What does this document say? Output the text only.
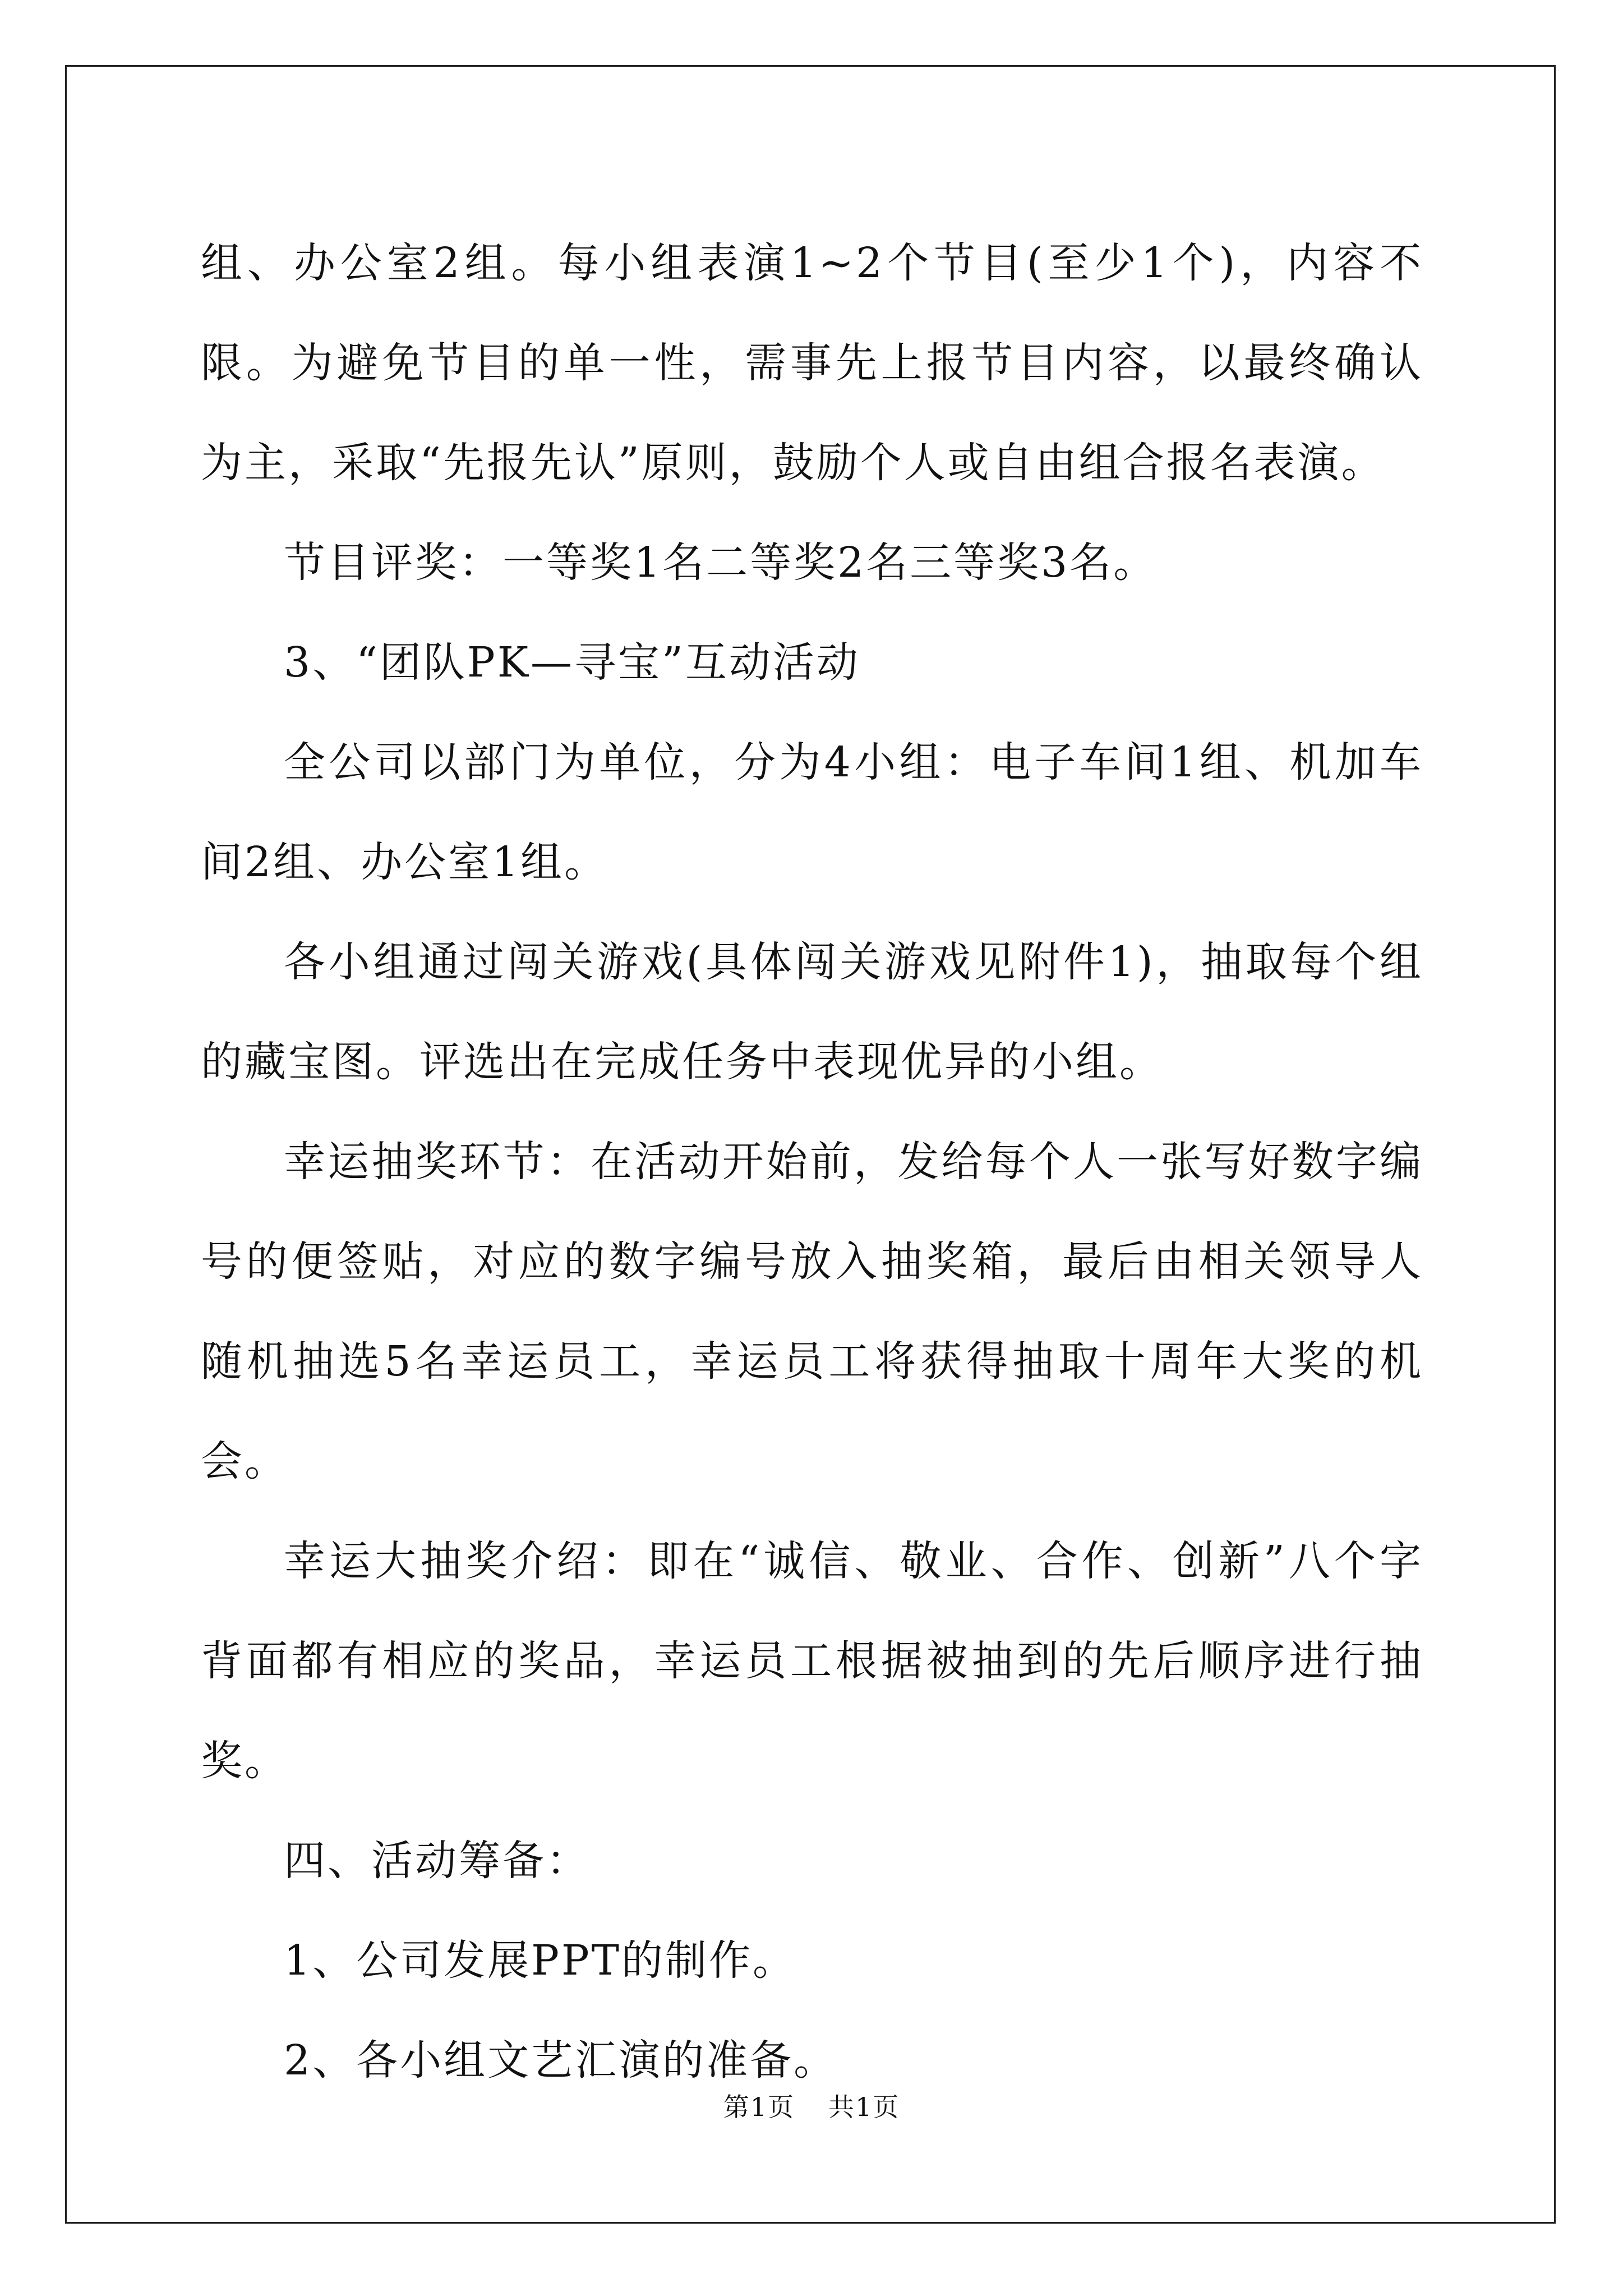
组、办公室2组。每小组表演1~2个节目(至少1个)，内容不限。为避免节目的单一性，需事先上报节目内容，以最终确认为主，采取“先报先认”原则，鼓励个人或自由组合报名表演。

节目评奖：一等奖1名二等奖2名三等奖3名。

3、“团队PK—寻宝”互动活动

全公司以部门为单位，分为4小组：电子车间1组、机加车间2组、办公室1组。

各小组通过闯关游戏(具体闯关游戏见附件1)，抽取每个组的藏宝图。评选出在完成任务中表现优异的小组。

幸运抽奖环节：在活动开始前，发给每个人一张写好数字编号的便签贴，对应的数字编号放入抽奖箱，最后由相关领导人随机抽选5名幸运员工，幸运员工将获得抽取十周年大奖的机会。

幸运大抽奖介绍：即在“诚信、敬业、合作、创新”八个字背面都有相应的奖品，幸运员工根据被抽到的先后顺序进行抽奖。

四、活动筹备：

1、公司发展PPT的制作。

2、各小组文艺汇演的准备。

第1页 共1页
